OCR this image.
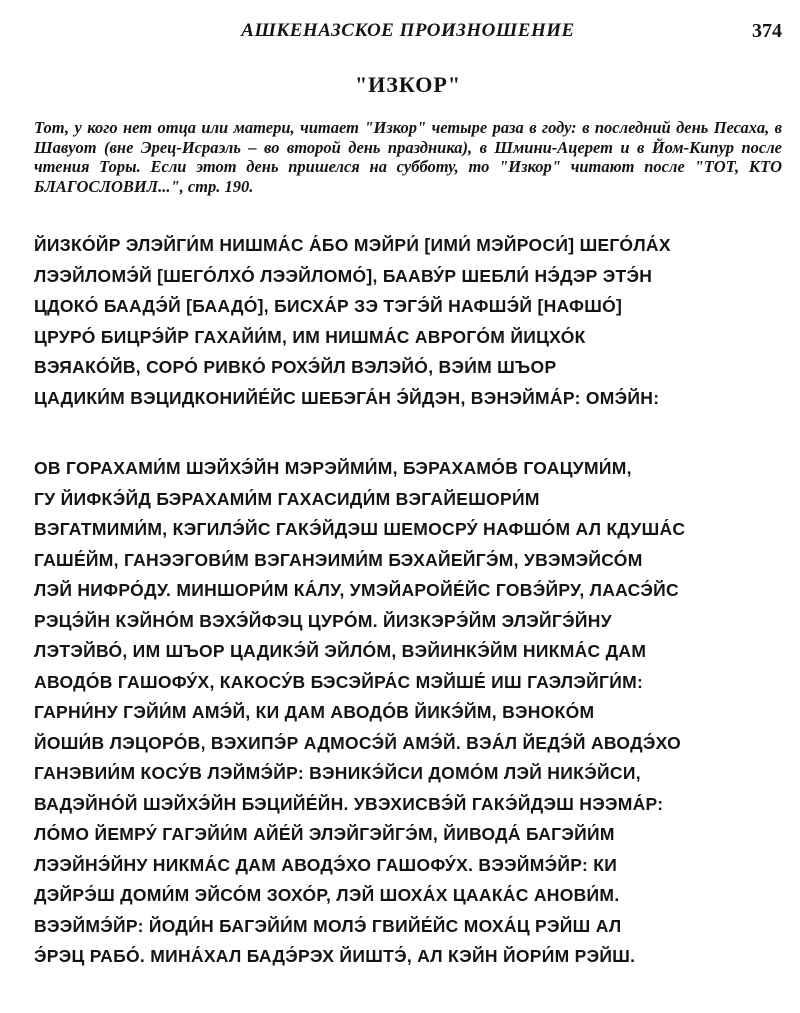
АШКЕНАЗСКОЕ ПРОИЗНОШЕНИЕ	374
"ИЗКОР"
Тот, у кого нет отца или матери, читает "Изкор" четыре раза в году: в последний день Песаха, в Шавуот (вне Эрец-Исраэль – во второй день праздника), в Шмини-Ацерет и в Йом-Кипур после чтения Торы. Если этот день пришелся на субботу, то "Изкор" читают после "ТОТ, КТО БЛАГОСЛОВИЛ...", стр. 190.
ЙИЗКО́ЙР ЭЛЭЙГИ́М НИШМА́С А́БО МЭЙРИ́ [ИМИ́ МЭЙРОСИ́] ШЕГО́ЛА́Х
ЛЭЭЙЛОМЭ́Й [ШЕГО́ЛХО́ ЛЭЭЙЛОМО́], БААВУ́Р ШЕБЛИ́ НЭ́ДЭР ЭТЭ́Н
ЦДОКО́ БААДЭ́Й [БААДО́], БИСХА́Р ЗЭ ТЭГЭ́Й НАФШЭ́Й [НАФШО́]
ЦРУРО́ БИЦРЭ́ЙР ГАХАЙИ́М, ИМ НИШМА́С АВРОГО́М ЙИЦХО́К
ВЭЯАКО́ЙВ, СОРО́ РИВКО́ РОХЭ́ЙЛ ВЭЛЭЙО́, ВЭИ́М ШЪОР
ЦАДИКИ́М ВЭЦИДКОНИЙЕ́ЙС ШЕБЭГА́Н Э́ЙДЭН, ВЭНЭЙМА́Р: ОМЭ́ЙН:
ОВ ГОРАХАМИ́М ШЭЙХЭ́ЙН МЭРЭЙМИ́М, БЭРАХАМО́В ГОАЦУМИ́М,
ГУ ЙИФКЭ́ЙД БЭРАХАМИ́М ГАХАСИДИ́М ВЭГАЙЕШОРИ́М
ВЭГАТМИМИ́М, КЭГИЛЭ́ЙС ГАКЭ́ЙДЭШ ШЕМОСРУ́ НАФШО́М АЛ КДУША́С
ГАШЕ́ЙМ, ГАНЭЭГОВИ́М ВЭГАНЭИМИ́М БЭХАЙЕЙГЭ́М, УВЭМЭЙСО́М
ЛЭЙ НИФРО́ДУ. МИНШОРИ́М КА́ЛУ, УМЭЙАРОЙЕ́ЙС ГОВЭ́ЙРУ, ЛААСЭ́ЙС
РЭЦЭ́ЙН КЭЙНО́М ВЭХЭ́ЙФЭЦ ЦУРО́М. ЙИЗКЭРЭ́ЙМ ЭЛЭЙГЭ́ЙНУ
ЛЭТЭЙВО́, ИМ ШЪОР ЦАДИКЭ́Й ЭЙЛО́М, ВЭЙИНКЭ́ЙМ НИКМА́С ДАМ
АВОДО́В ГАШОФУ́Х, КАКОСУ́В БЭСЭЙРА́С МЭЙШЕ́ ИШ ГАЭЛЭЙГИ́М:
ГАРНИ́НУ ГЭЙИ́М АМЭ́Й, КИ ДАМ АВОДО́В ЙИКЭ́ЙМ, ВЭНОКО́М
ЙОШИ́В ЛЭЦОРО́В, ВЭХИПЭ́Р АДМОСЭ́Й АМЭ́Й. ВЭА́Л ЙЕДЭ́Й АВОДЭ́ХО
ГАНЭВИИ́М КОСУ́В ЛЭЙМЭ́ЙР: ВЭНИКЭ́ЙСИ ДОМО́М ЛЭЙ НИКЭ́ЙСИ,
ВАДЭЙНО́Й ШЭЙХЭ́ЙН БЭЦИЙЕ́ЙН. УВЭХИСВЭ́Й ГАКЭ́ЙДЭШ НЭЭМА́Р:
ЛО́МО ЙЕМРУ́ ГАГЭЙИ́М АЙЕ́Й ЭЛЭЙГЭЙГЭ́М, ЙИВОДА́ БАГЭЙИ́М
ЛЭЭЙНЭ́ЙНУ НИКМА́С ДАМ АВОДЭ́ХО ГАШОФУ́Х. ВЭЭЙМЭ́ЙР: КИ
ДЭЙРЭ́Ш ДОМИ́М ЭЙСО́М ЗОХО́Р, ЛЭЙ ШОХА́Х ЦААКА́С АНОВИ́М.
ВЭЭЙМЭ́ЙР: ЙОДИ́Н БАГЭЙИ́М МОЛЭ́ ГВИЙЕ́ЙС МОХА́Ц РЭЙШ АЛ
Э́РЭЦ РАБО́. МИНА́ХАЛ БАДЭ́РЭХ ЙИШТЭ́, АЛ КЭЙН ЙОРИ́М РЭЙШ.
